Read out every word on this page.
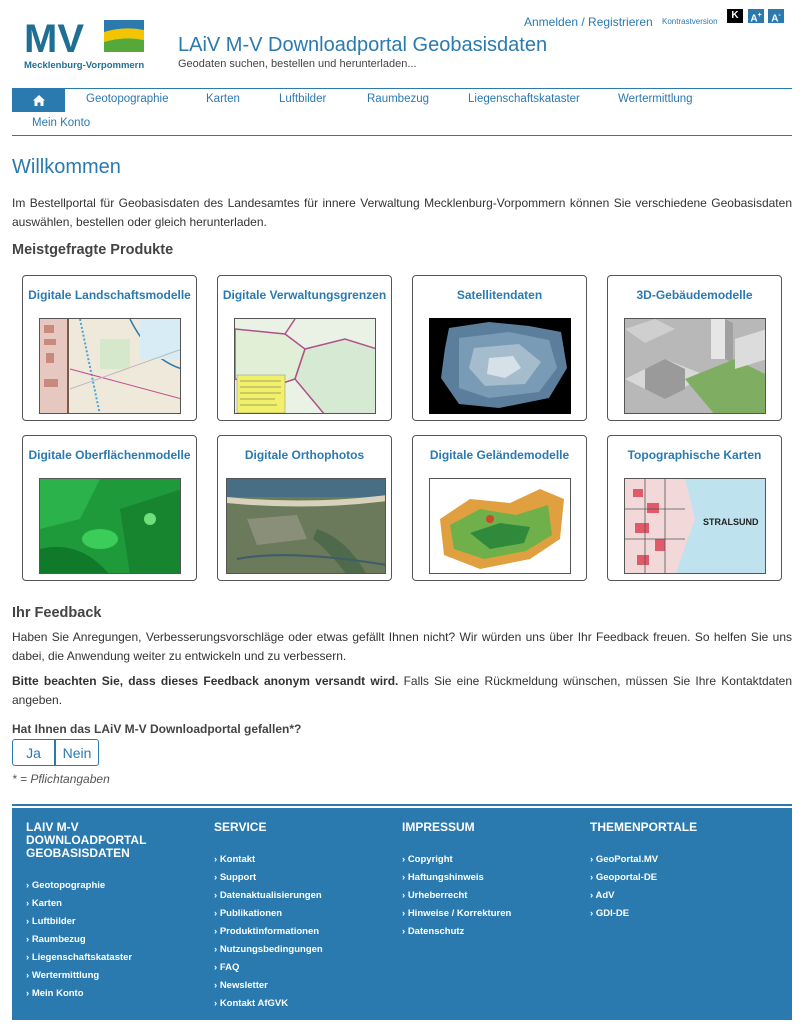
MV
Mecklenburg-Vorpommern
LAiV M-V Downloadportal Geobasisdaten
Geodaten suchen, bestellen und herunterladen...
Anmelden / Registrieren Kontrastversion
K	A+ A-
Geotopographie	Karten	Luftbilder	Raumbezug	Liegenschaftskataster	Wertermittlung
Mein Konto
Willkommen

Im Bestellportal für Geobasisdaten des Landesamtes für innere Verwaltung Mecklenburg-Vorpommern können Sie verschiedene Geobasisdaten auswählen, bestellen oder gleich herunterladen.

Meistgefragte Produkte
Digitale Landschaftsmodelle	Digitale Verwaltungsgrenzen	Satellitendaten	3D-Gebäudemodelle
Digitale Oberflächenmodelle	Digitale Orthophotos	Digitale Geländemodelle	Topographische Karten
STRALSUND
Ihr Feedback

Haben Sie Anregungen, Verbesserungsvorschläge oder etwas gefällt Ihnen nicht? Wir würden uns über Ihr Feedback freuen. So helfen Sie uns dabei, die Anwendung weiter zu entwickeln und zu verbessern.

Bitte beachten Sie, dass dieses Feedback anonym versandt wird. Falls Sie eine Rückmeldung wünschen, müssen Sie Ihre Kontaktdaten angeben.

Hat Ihnen das LAiV M-V Downloadportal gefallen*?
Ja	Nein
* = Pflichtangaben
LAIV M-V DOWNLOADPORTAL GEOBASISDATEN
› Geotopographie
› Karten
› Luftbilder
› Raumbezug
› Liegenschaftskataster
› Wertermittlung
› Mein Konto
SERVICE
› Kontakt
› Support
› Datenaktualisierungen
› Publikationen
› Produktinformationen
› Nutzungsbedingungen
› FAQ
› Newsletter
› Kontakt AfGVK
IMPRESSUM
› Copyright
› Haftungshinweis
› Urheberrecht
› Hinweise / Korrekturen
› Datenschutz
THEMENPORTALE
› GeoPortal.MV
› Geoportal-DE
› AdV
› GDI-DE
